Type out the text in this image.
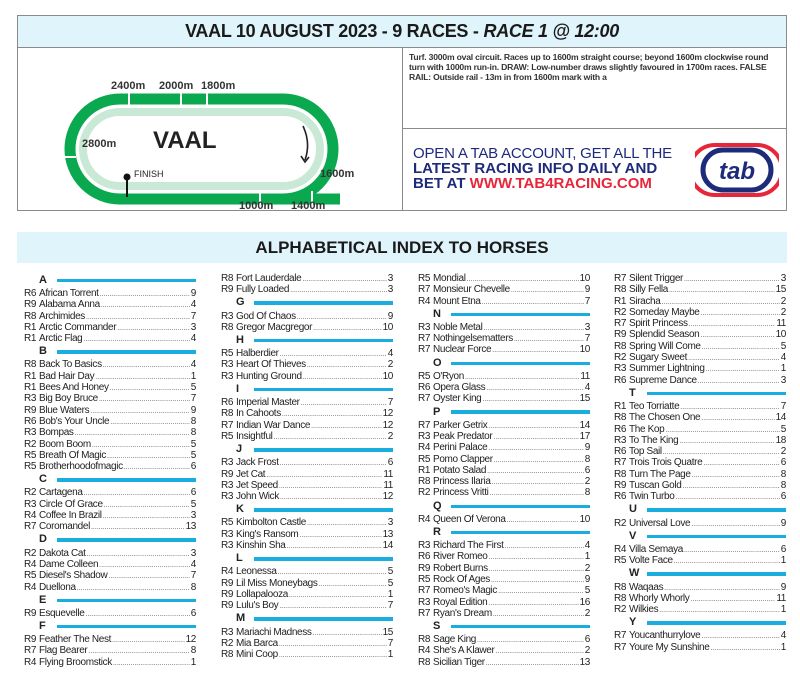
VAAL 10 AUGUST 2023 - 9 RACES - RACE 1 @ 12:00
2400m 2000m 1800m
2800m
1600m
1000m 1400m
VAAL
FINISH
Turf. 3000m oval circuit. Races up to 1600m straight course; beyond 1600m clockwise round turn with 1000m run-in. DRAW: Low-number draws slightly favoured in 1700m races. FALSE RAIL: Outside rail - 13m in from 1600m mark with a
OPEN A TAB ACCOUNT, GET ALL THE
LATEST RACING INFO DAILY AND
BET AT WWW.TAB4RACING.COM	tab
ALPHABETICAL INDEX TO HORSES
A
R6 African Torrent .....	9
R9 Alabama Anna .....	4
R8 Archimides .....	7
R1 Arctic Commander .....	3
R1 Arctic Flag .....	4
B
R8 Back To Basics .....	4
R1 Bad Hair Day .....	1
R1 Bees And Honey .....	5
R3 Big Boy Bruce .....	7
R9 Blue Waters .....	9
R6 Bob's Your Uncle .....	8
R3 Bompas .....	8
R2 Boom Boom .....	5
R5 Breath Of Magic .....	5
R5 Brotherhoodofmagic .....	6
C
R2 Cartagena .....	6
R3 Circle Of Grace .....	5
R4 Coffee In Brazil .....	3
R7 Coromandel .....	13
D
R2 Dakota Cat .....	3
R4 Dame Colleen .....	4
R5 Diesel's Shadow .....	7
R4 Duellona .....	8
E
R9 Esquevelle .....	6
F
R9 Feather The Nest .....	12
R7 Flag Bearer .....	8
R4 Flying Broomstick .....	1
R8 Fort Lauderdale .....	3
R9 Fully Loaded .....	3
G
R3 God Of Chaos .....	9
R8 Gregor Macgregor .....	10
H
R5 Halberdier .....	4
R3 Heart Of Thieves .....	2
R3 Hunting Ground .....	10
I
R6 Imperial Master .....	7
R8 In Cahoots .....	12
R7 Indian War Dance .....	12
R5 Insightful .....	2
J
R3 Jack Frost .....	6
R9 Jet Cat .....	11
R3 Jet Speed .....	11
R3 John Wick .....	12
K
R5 Kimbolton Castle .....	3
R3 King's Ransom .....	13
R3 Kinshin Sha .....	14
L
R4 Leonessa .....	5
R9 Lil Miss Moneybags .....	5
R9 Lollapalooza .....	1
R9 Lulu's Boy .....	7
M
R3 Mariachi Madness .....	15
R2 Mia Barca .....	7
R8 Mini Coop .....	1
R5 Mondial .....	10
R7 Monsieur Chevelle .....	9
R4 Mount Etna .....	7
N
R3 Noble Metal .....	3
R7 Nothingelsematters .....	7
R7 Nuclear Force .....	10
O
R5 O'Ryon .....	11
R6 Opera Glass .....	4
R7 Oyster King .....	15
P
R7 Parker Getrix .....	14
R3 Peak Predator .....	17
R4 Perini Palace .....	9
R5 Pomo Clapper .....	8
R1 Potato Salad .....	6
R8 Princess Ilaria .....	2
R2 Princess Vritti .....	8
Q
R4 Queen Of Verona .....	10
R
R3 Richard The First .....	4
R6 River Romeo .....	1
R9 Robert Burns .....	2
R5 Rock Of Ages .....	9
R7 Romeo's Magic .....	5
R3 Royal Edition .....	16
R7 Ryan's Dream .....	2
S
R8 Sage King .....	6
R4 She's A Klawer .....	2
R8 Sicilian Tiger .....	13
R7 Silent Trigger .....	3
R8 Silly Fella .....	15
R1 Siracha .....	2
R2 Someday Maybe .....	2
R7 Spirit Princess .....	11
R9 Splendid Season .....	10
R8 Spring Will Come .....	5
R2 Sugary Sweet .....	4
R3 Summer Lightning .....	1
R6 Supreme Dance .....	3
T
R1 Teo Torriatte .....	7
R8 The Chosen One .....	14
R6 The Kop .....	5
R3 To The King .....	18
R6 Top Sail .....	2
R7 Trois Trois Quatre .....	6
R8 Turn The Page .....	8
R9 Tuscan Gold .....	8
R6 Twin Turbo .....	6
U
R2 Universal Love .....	9
V
R4 Villa Semaya .....	6
R5 Volte Face .....	1
W
R8 Waqaas .....	9
R8 Whorly Whorly .....	11
R2 Wilkies .....	1
Y
R7 Youcanthurrylove .....	4
R7 Youre My Sunshine .....	1
